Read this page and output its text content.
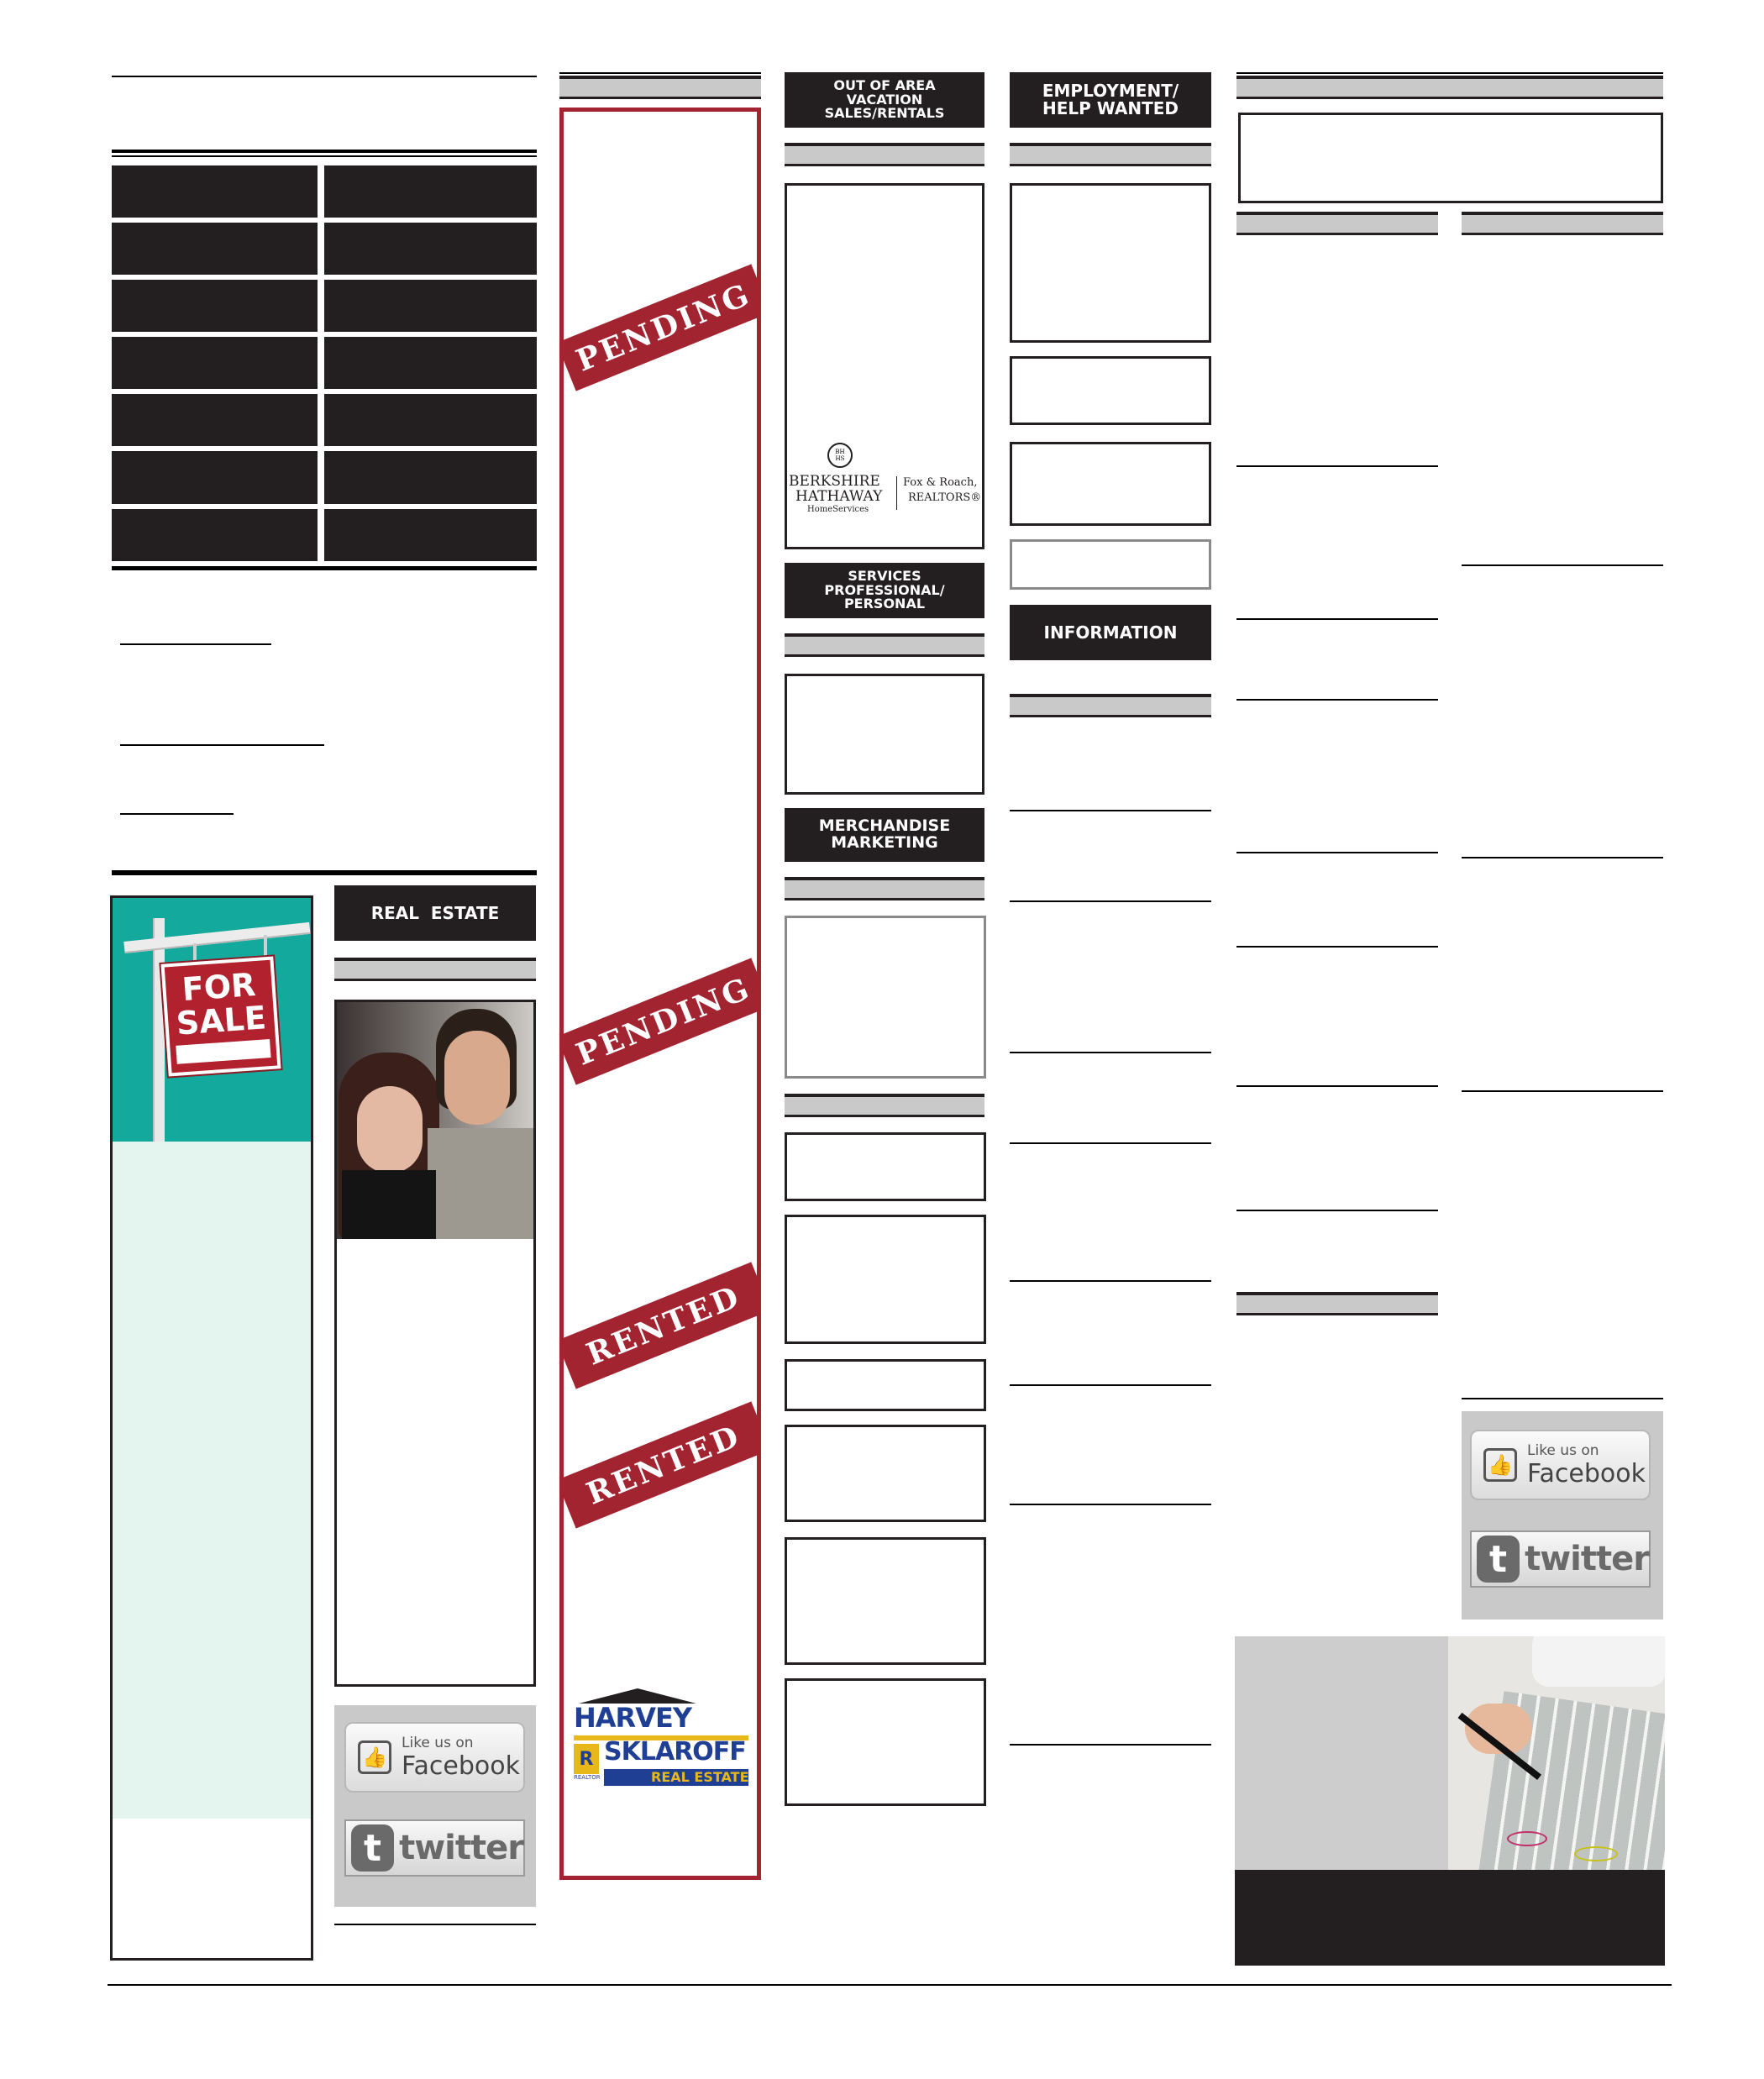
FOR
SALE
REAL  ESTATE
👍
Like us on
Facebook
t twitter
PENDING
PENDING
RENTED
RENTED
HARVEY
SKLAROFF
R
REALTOR	REAL ESTATE
OUT OF AREA
VACATION
SALES/RENTALS
BH
HS
BERKSHIRE
HATHAWAY
HomeServices
Fox & Roach,
REALTORS®
SERVICES
PROFESSIONAL/
PERSONAL
MERCHANDISE
MARKETING
EMPLOYMENT/
HELP WANTED
INFORMATION
👍
Like us on
Facebook
t twitter
